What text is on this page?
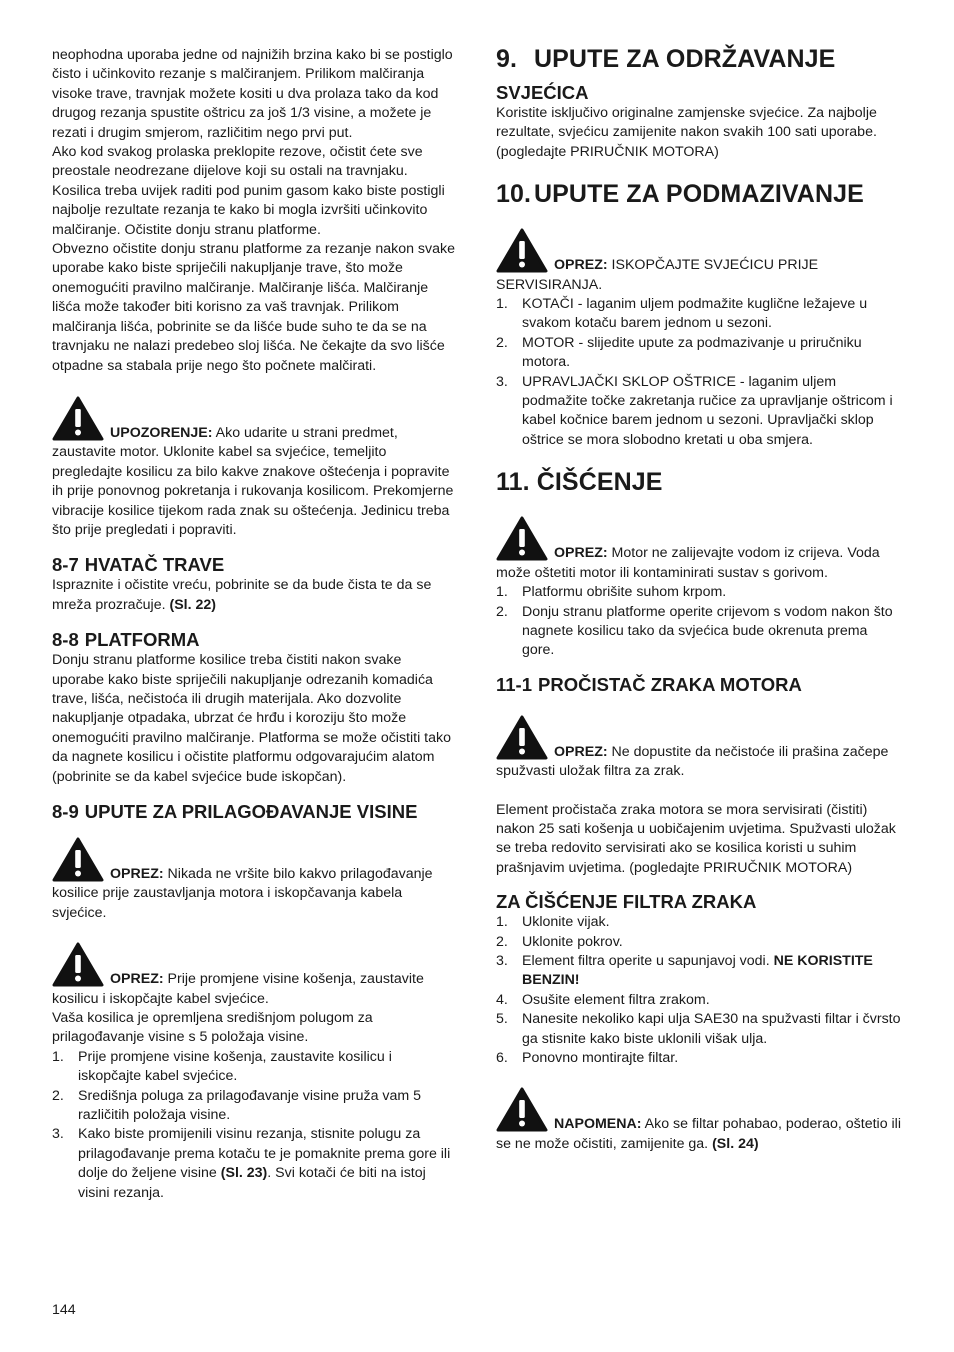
neophodna uporaba jedne od najnižih brzina kako bi se postiglo čisto i učinkovito rezanje s malčiranjem. Prilikom malčiranja visoke trave, travnjak možete kositi u dva prolaza tako da kod drugog rezanja spustite oštricu za još 1/3 visine, a možete je rezati i drugim smjerom, različitim nego prvi put.

Ako kod svakog prolaska preklopite rezove, očistit ćete sve preostale neodrezane dijelove koji su ostali na travnjaku. Kosilica treba uvijek raditi pod punim gasom kako biste postigli najbolje rezultate rezanja te kako bi mogla izvršiti učinkovito malčiranje. Očistite donju stranu platforme.

Obvezno očistite donju stranu platforme za rezanje nakon svake uporabe kako biste spriječili nakupljanje trave, što može onemogućiti pravilno malčiranje. Malčiranje lišća. Malčiranje lišća može također biti korisno za vaš travnjak. Prilikom malčiranja lišća, pobrinite se da lišće bude suho te da se na travnjaku ne nalazi predebeo sloj lišća. Ne čekajte da svo lišće otpadne sa stabala prije nego što počnete malčirati.

UPOZORENJE: Ako udarite u strani predmet, zaustavite motor. Uklonite kabel sa svjećice, temeljito pregledajte kosilicu za bilo kakve znakove oštećenja i popravite ih prije ponovnog pokretanja i rukovanja kosilicom. Prekomjerne vibracije kosilice tijekom rada znak su oštećenja. Jedinicu treba što prije pregledati i popraviti.

8-7 HVATAČ TRAVE

Ispraznite i očistite vreću, pobrinite se da bude čista te da se mreža prozračuje. (Sl. 22)

8-8 PLATFORMA

Donju stranu platforme kosilice treba čistiti nakon svake uporabe kako biste spriječili nakupljanje odrezanih komadića trave, lišća, nečistoća ili drugih materijala. Ako dozvolite nakupljanje otpadaka, ubrzat će hrđu i koroziju što može onemogućiti pravilno malčiranje. Platforma se može očistiti tako da nagnete kosilicu i očistite platformu odgovarajućim alatom (pobrinite se da kabel svjećice bude iskopčan).

8-9 UPUTE ZA PRILAGOĐAVANJE VISINE

OPREZ: Nikada ne vršite bilo kakvo prilagođavanje kosilice prije zaustavljanja motora i iskopčavanja kabela svjećice.

OPREZ: Prije promjene visine košenja, zaustavite kosilicu i iskopčajte kabel svjećice.

Vaša kosilica je opremljena središnjom polugom za prilagođavanje visine s 5 položaja visine.

1. Prije promjene visine košenja, zaustavite kosilicu i iskopčajte kabel svjećice.
2. Središnja poluga za prilagođavanje visine pruža vam 5 različitih položaja visine.
3. Kako biste promijenili visinu rezanja, stisnite polugu za prilagođavanje prema kotaču te je pomaknite prema gore ili dolje do željene visine (Sl. 23). Svi kotači će biti na istoj visini rezanja.
9. UPUTE ZA ODRŽAVANJE
SVJEĆICA

Koristite isključivo originalne zamjenske svjećice. Za najbolje rezultate, svjećicu zamijenite nakon svakih 100 sati uporabe. (pogledajte PRIRUČNIK MOTORA)

10. UPUTE ZA PODMAZIVANJE

OPREZ: ISKOPČAJTE SVJEĆICU PRIJE SERVISIRANJA.

1. KOTAČI - laganim uljem podmažite kuglične ležajeve u svakom kotaču barem jednom u sezoni.
2. MOTOR - slijedite upute za podmazivanje u priručniku motora.
3. UPRAVLJAČKI SKLOP OŠTRICE - laganim uljem podmažite točke zakretanja ručice za upravljanje oštricom i kabel kočnice barem jednom u sezoni. Upravljački sklop oštrice se mora slobodno kretati u oba smjera.
11. ČIŠĆENJE

OPREZ: Motor ne zalijevajte vodom iz crijeva. Voda može oštetiti motor ili kontaminirati sustav s gorivom.

1. Platformu obrišite suhom krpom.
2. Donju stranu platforme operite crijevom s vodom nakon što nagnete kosilicu tako da svjećica bude okrenuta prema gore.
11-1 PROČISTAČ ZRAKA MOTORA

OPREZ: Ne dopustite da nečistoće ili prašina začepe spužvasti uložak filtra za zrak.

Element pročistača zraka motora se mora servisirati (čistiti) nakon 25 sati košenja u uobičajenim uvjetima. Spužvasti uložak se treba redovito servisirati ako se kosilica koristi u suhim prašnjavim uvjetima. (pogledajte PRIRUČNIK MOTORA)

ZA ČIŠĆENJE FILTRA ZRAKA
1. Uklonite vijak.
2. Uklonite pokrov.
3. Element filtra operite u sapunjavoj vodi. NE KORISTITE BENZIN!
4. Osušite element filtra zrakom.
5. Nanesite nekoliko kapi ulja SAE30 na spužvasti filtar i čvrsto ga stisnite kako biste uklonili višak ulja.
6. Ponovno montirajte filtar.

NAPOMENA: Ako se filtar pohabao, poderao, oštetio ili se ne može očistiti, zamijenite ga. (Sl. 24)

144
